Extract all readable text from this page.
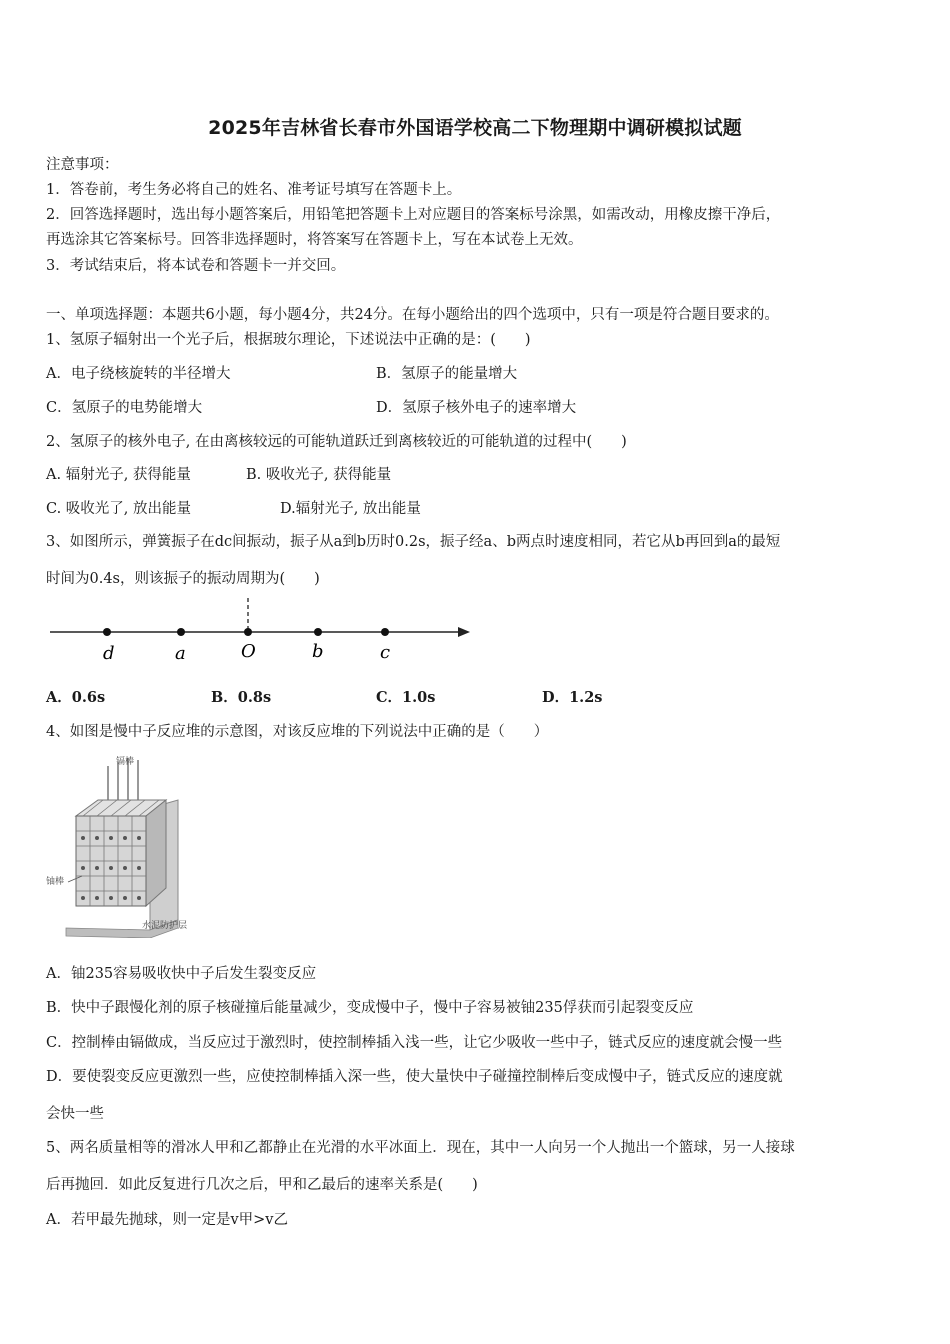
2025年吉林省长春市外国语学校高二下物理期中调研模拟试题
注意事项：
1．答卷前，考生务必将自己的姓名、准考证号填写在答题卡上。
2．回答选择题时，选出每小题答案后，用铅笔把答题卡上对应题目的答案标号涂黑，如需改动，用橡皮擦干净后，
再选涂其它答案标号。回答非选择题时，将答案写在答题卡上，写在本试卷上无效。
3．考试结束后，将本试卷和答题卡一并交回。
一、单项选择题：本题共6小题，每小题4分，共24分。在每小题给出的四个选项中，只有一项是符合题目要求的。
1、氢原子辐射出一个光子后，根据玻尔理论，下述说法中正确的是：(　　)
A．电子绕核旋转的半径增大	B．氢原子的能量增大
C．氢原子的电势能增大	D．氢原子核外电子的速率增大
2、氢原子的核外电子, 在由离核较远的可能轨道跃迁到离核较近的可能轨道的过程中(　　)
A. 辐射光子, 获得能量	B. 吸收光子, 获得能量
C. 吸收光了, 放出能量	D.辐射光子, 放出能量
3、如图所示，弹簧振子在dc间振动，振子从a到b历时0.2s，振子经a、b两点时速度相同，若它从b再回到a的最短
时间为0.4s，则该振子的振动周期为(　　)
d	a	O	b	c
A．0.6s	B．0.8s	C．1.0s	D．1.2s
4、如图是慢中子反应堆的示意图，对该反应堆的下列说法中正确的是（　　）
镉棒
铀棒
水泥防护层
A．铀235容易吸收快中子后发生裂变反应
B．快中子跟慢化剂的原子核碰撞后能量减少，变成慢中子，慢中子容易被铀235俘获而引起裂变反应
C．控制棒由镉做成，当反应过于激烈时，使控制棒插入浅一些，让它少吸收一些中子，链式反应的速度就会慢一些
D．要使裂变反应更激烈一些，应使控制棒插入深一些，使大量快中子碰撞控制棒后变成慢中子，链式反应的速度就
会快一些
5、两名质量相等的滑冰人甲和乙都静止在光滑的水平冰面上．现在，其中一人向另一个人抛出一个篮球，另一人接球
后再抛回．如此反复进行几次之后，甲和乙最后的速率关系是(　　)
A．若甲最先抛球，则一定是v甲>v乙
